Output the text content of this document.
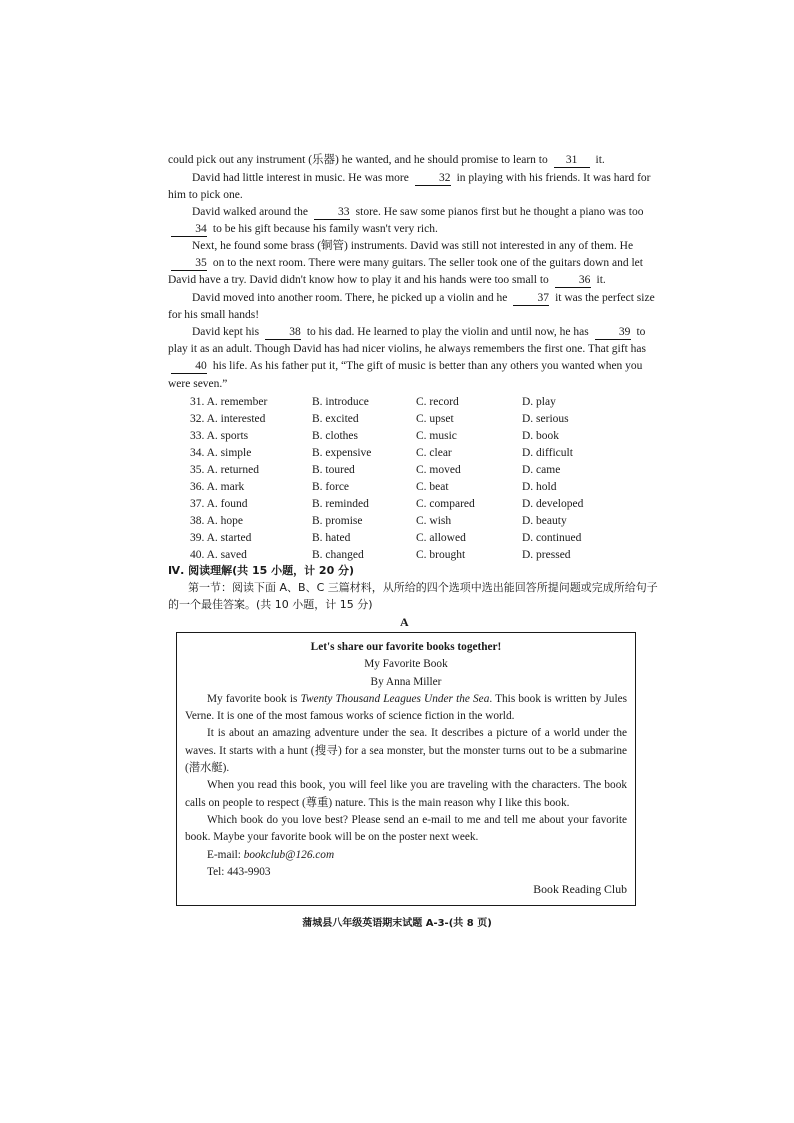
could pick out any instrument (乐器) he wanted, and he should promise to learn to 31 it.

David had little interest in music. He was more	32 in playing with his friends. It was hard for him to pick one.

David walked around the	33 store. He saw some pianos first but he thought a piano was too 34 to be his gift because his family wasn't very rich.

Next, he found some brass (铜管) instruments. David was still not interested in any of them. He 35 on to the next room. There were many guitars. The seller took one of the guitars down and let David have a try. David didn't know how to play it and his hands were too small to	36 it.

David moved into another room. There, he picked up a violin and he	37 it was the perfect size for his small hands!

David kept his	38 to his dad. He learned to play the violin and until now, he has	39 to play it as an adult. Though David has had nicer violins, he always remembers the first one. That gift has 40 his life. As his father put it, “The gift of music is better than any others you wanted when you were seven.”

31. A. remember	B. introduce	C. record	D. play
32. A. interested	B. excited	C. upset	D. serious
33. A. sports	B. clothes	C. music	D. book
34. A. simple	B. expensive	C. clear	D. difficult
35. A. returned	B. toured	C. moved	D. came
36. A. mark	B. force	C. beat	D. hold
37. A. found	B. reminded	C. compared	D. developed
38. A. hope	B. promise	C. wish	D. beauty
39. A. started	B. hated	C. allowed	D. continued
40. A. saved	B. changed	C. brought	D. pressed
Ⅳ. 阅读理解(共 15 小题，计 20 分)
第一节：阅读下面 A、B、C 三篇材料，从所给的四个选项中选出能回答所提问题或完成所给句子的一个最佳答案。(共 10 小题，计 15 分)
A

Let's share our favorite books together!

My Favorite Book

By Anna Miller

My favorite book is Twenty Thousand Leagues Under the Sea. This book is written by Jules Verne. It is one of the most famous works of science fiction in the world.

It is about an amazing adventure under the sea. It describes a picture of a world under the waves. It starts with a hunt (搜寻) for a sea monster, but the monster turns out to be a submarine (潜水艇).

When you read this book, you will feel like you are traveling with the characters. The book calls on people to respect (尊重) nature. This is the main reason why I like this book.

Which book do you love best? Please send an e-mail to me and tell me about your favorite book. Maybe your favorite book will be on the poster next week.

E-mail: bookclub@126.com

Tel: 443-9903

Book Reading Club

蒲城县八年级英语期末试题 A-3-(共 8 页)
